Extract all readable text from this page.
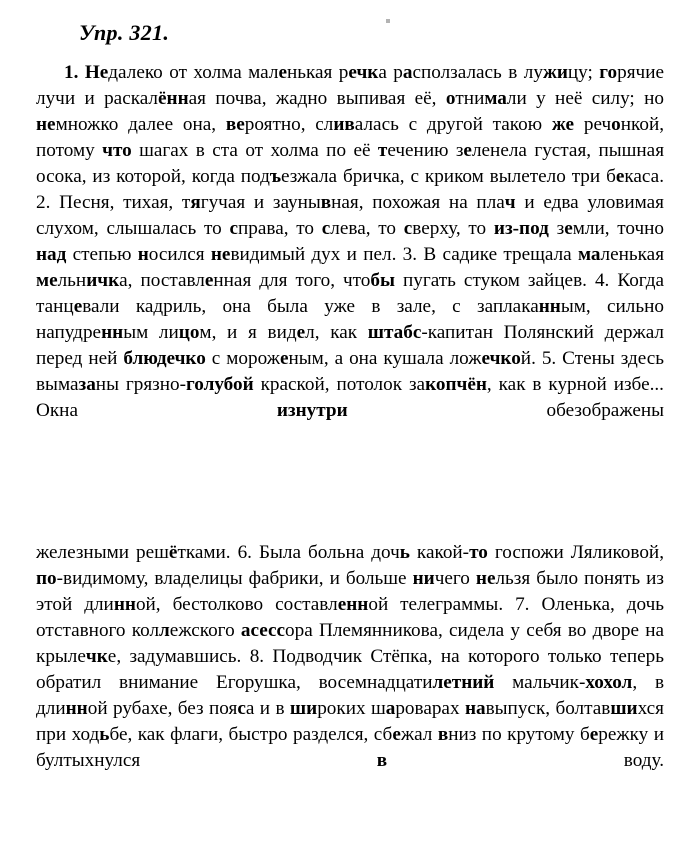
Упр. 321.

1. Недалеко от холма маленькая речка расползалась в лужицу; горячие лучи и раскалённая почва, жадно выпивая её, отнимали у неё силу; но немножко далее она, вероятно, сливалась с другой такою же речонкой, потому что шагах в ста от холма по её течению зеленела густая, пышная осока, из которой, когда подъезжала бричка, с криком вылетело три бекаса. 2. Песня, тихая, тягучая и заунывная, похожая на плач и едва уловимая слухом, слышалась то справа, то слева, то сверху, то из-под земли, точно над степью носился невидимый дух и пел. 3. В садике трещала маленькая мельничка, поставленная для того, чтобы пугать стуком зайцев. 4. Когда танцевали кадриль, она была уже в зале, с заплаканным, сильно напудренным лицом, и я видел, как штабс-капитан Полянский держал перед ней блюдечко с мороженым, а она кушала ложечкой. 5. Стены здесь вымазаны грязно-голубой краской, потолок закопчён, как в курной избе... Окна изнутри обезображены

железными решётками. 6. Была больна дочь какой-то госпожи Ляликовой, по-видимому, владелицы фабрики, и больше ничего нельзя было понять из этой длинной, бестолково составленной телеграммы. 7. Оленька, дочь отставного коллежского асессора Племянникова, сидела у себя во дворе на крылечке, задумавшись. 8. Подводчик Стёпка, на которого только теперь обратил внимание Егорушка, восемнадцатилетний мальчик-хохол, в длинной рубахе, без пояса и в широких шароварах навыпуск, болтавшихся при ходьбе, как флаги, быстро разделся, сбежал вниз по крутому бережку и бултыхнулся в воду.
